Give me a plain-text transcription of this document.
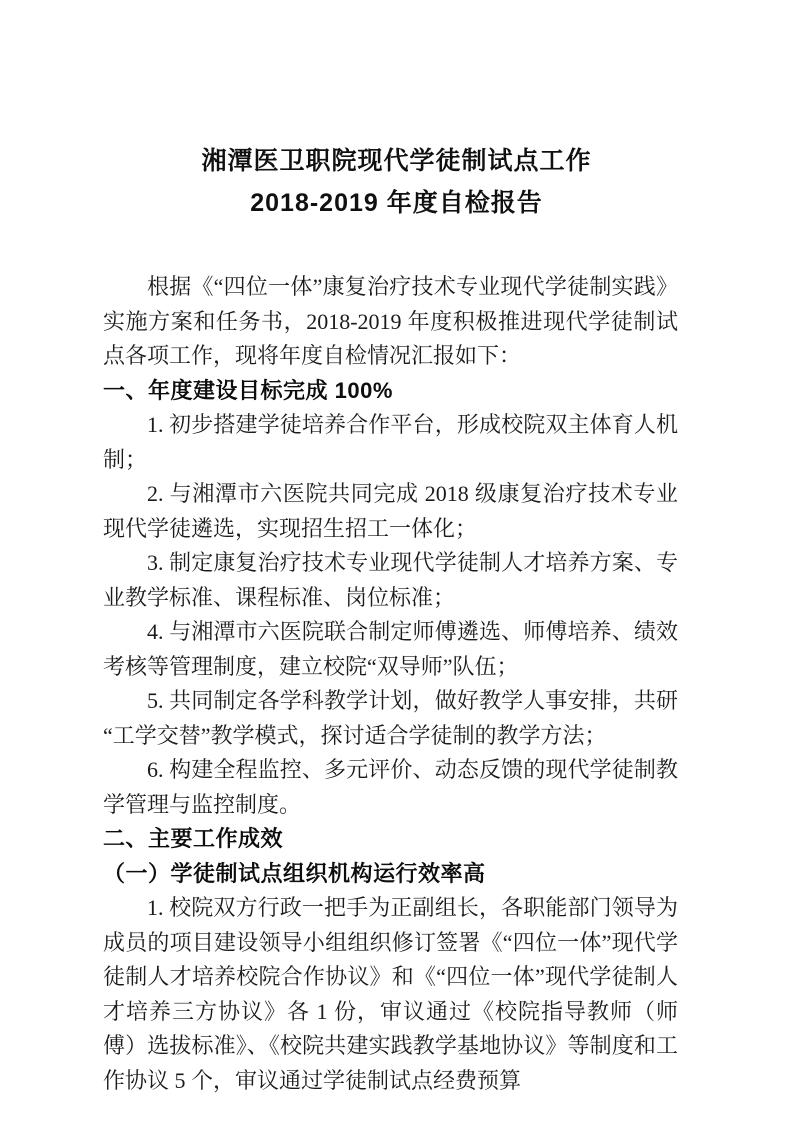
湘潭医卫职院现代学徒制试点工作
2018-2019 年度自检报告

根据《“四位一体”康复治疗技术专业现代学徒制实践》实施方案和任务书，2018-2019 年度积极推进现代学徒制试点各项工作，现将年度自检情况汇报如下：

一、年度建设目标完成 100%

1. 初步搭建学徒培养合作平台，形成校院双主体育人机制；

2. 与湘潭市六医院共同完成 2018 级康复治疗技术专业现代学徒遴选，实现招生招工一体化；

3. 制定康复治疗技术专业现代学徒制人才培养方案、专业教学标准、课程标准、岗位标准；

4. 与湘潭市六医院联合制定师傅遴选、师傅培养、绩效考核等管理制度，建立校院“双导师”队伍；

5. 共同制定各学科教学计划，做好教学人事安排，共研“工学交替”教学模式，探讨适合学徒制的教学方法；

6. 构建全程监控、多元评价、动态反馈的现代学徒制教学管理与监控制度。

二、主要工作成效

（一）学徒制试点组织机构运行效率高

1. 校院双方行政一把手为正副组长，各职能部门领导为成员的项目建设领导小组组织修订签署《“四位一体”现代学徒制人才培养校院合作协议》和《“四位一体”现代学徒制人才培养三方协议》各 1 份，审议通过《校院指导教师（师傅）选拔标准》、《校院共建实践教学基地协议》等制度和工作协议 5 个，审议通过学徒制试点经费预算
